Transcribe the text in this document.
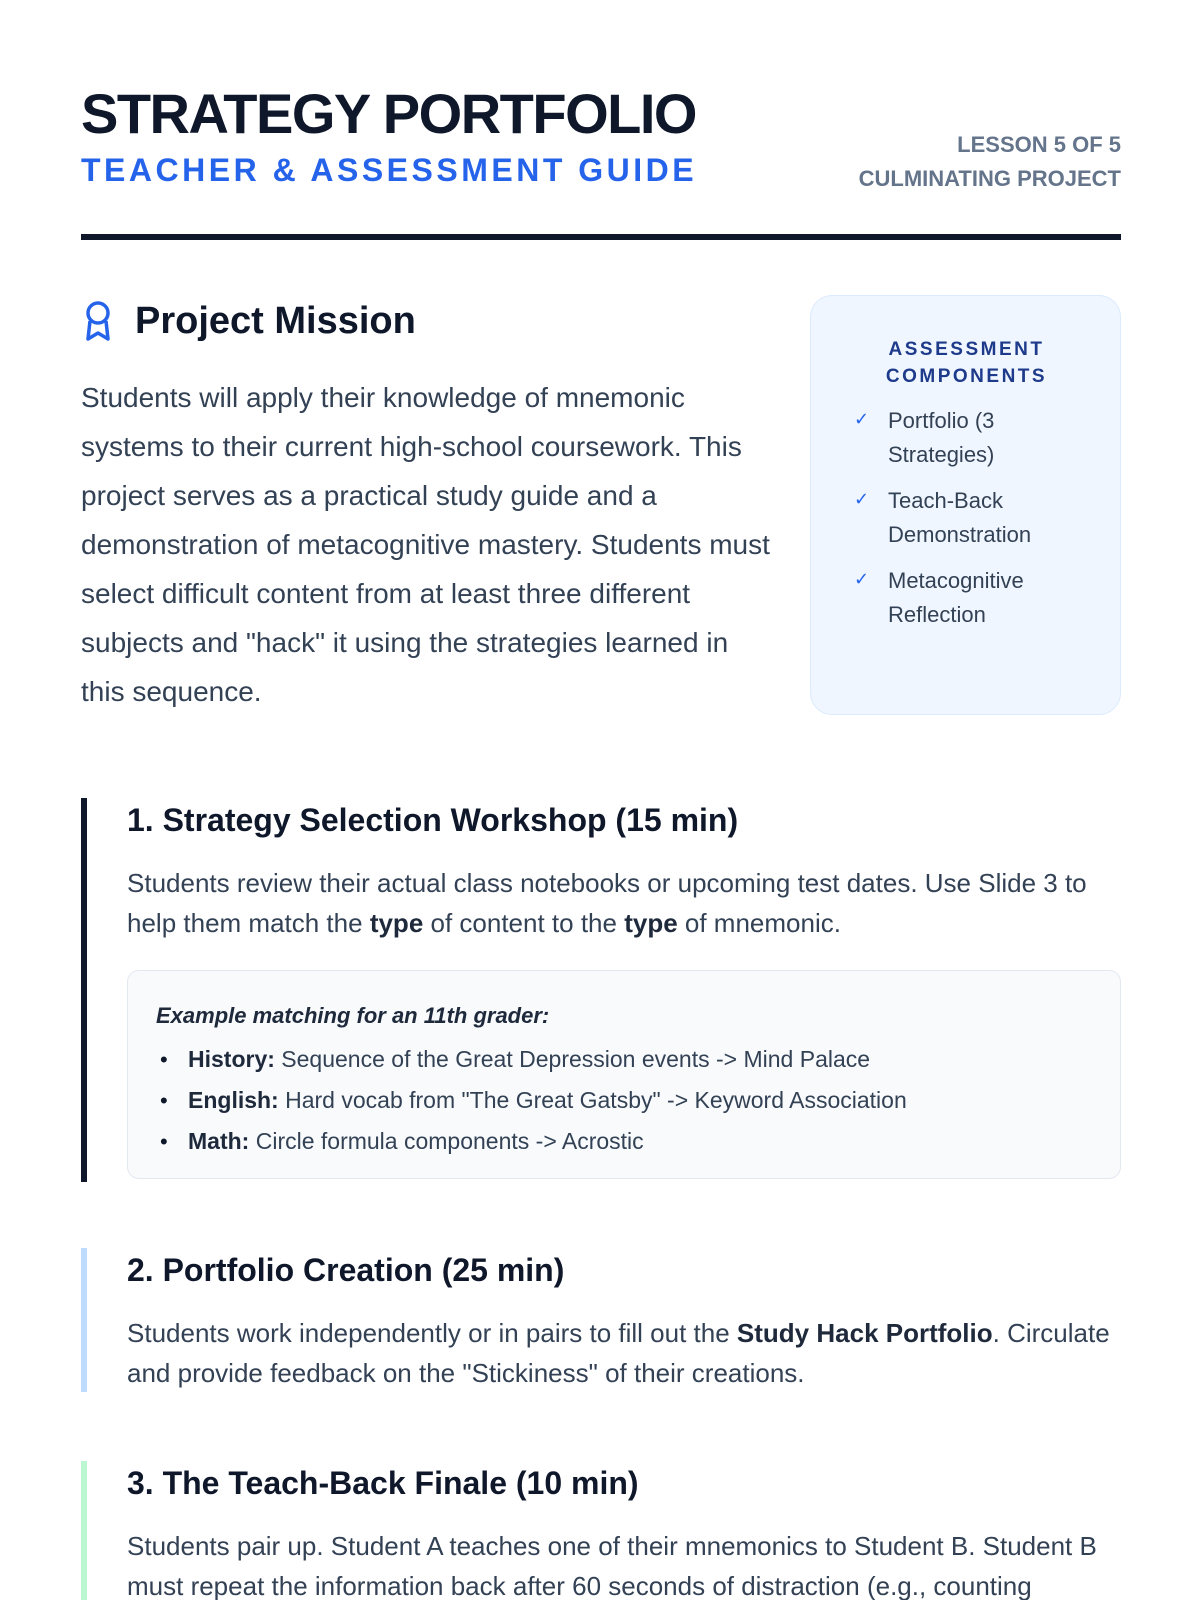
STRATEGY PORTFOLIO
TEACHER & ASSESSMENT GUIDE
LESSON 5 OF 5
CULMINATING PROJECT
Project Mission

Students will apply their knowledge of mnemonic systems to their current high-school coursework. This project serves as a practical study guide and a demonstration of metacognitive mastery. Students must select difficult content from at least three different subjects and "hack" it using the strategies learned in this sequence.

ASSESSMENT COMPONENTS
✓ Portfolio (3 Strategies)
✓ Teach-Back Demonstration
✓ Metacognitive Reflection
1. Strategy Selection Workshop (15 min)

Students review their actual class notebooks or upcoming test dates. Use Slide 3 to help them match the type of content to the type of mnemonic.

Example matching for an 11th grader:
• History: Sequence of the Great Depression events -> Mind Palace
• English: Hard vocab from "The Great Gatsby" -> Keyword Association
• Math: Circle formula components -> Acrostic
2. Portfolio Creation (25 min)

Students work independently or in pairs to fill out the Study Hack Portfolio. Circulate and provide feedback on the "Stickiness" of their creations.

3. The Teach-Back Finale (10 min)

Students pair up. Student A teaches one of their mnemonics to Student B. Student B must repeat the information back after 60 seconds of distraction (e.g., counting
